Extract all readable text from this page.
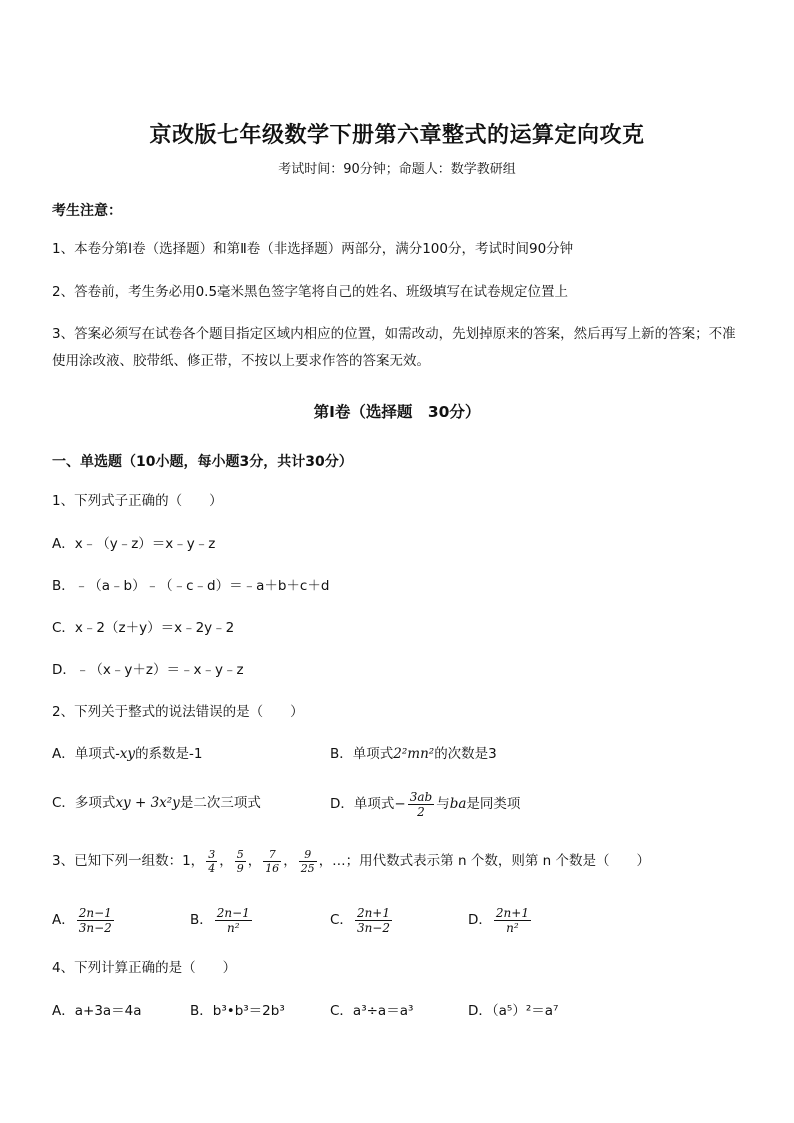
京改版七年级数学下册第六章整式的运算定向攻克
考试时间：90分钟；命题人：数学教研组
考生注意：
1、本卷分第Ⅰ卷（选择题）和第Ⅱ卷（非选择题）两部分，满分100分，考试时间90分钟
2、答卷前，考生务必用0.5毫米黑色签字笔将自己的姓名、班级填写在试卷规定位置上
3、答案必须写在试卷各个题目指定区域内相应的位置，如需改动，先划掉原来的答案，然后再写上新的答案；不准使用涂改液、胶带纸、修正带，不按以上要求作答的答案无效。
第Ⅰ卷（选择题　30分）
一、单选题（10小题，每小题3分，共计30分）
1、下列式子正确的（　　）
A．x﹣（y﹣z）＝x﹣y﹣z
B．﹣（a﹣b）﹣（﹣c﹣d）＝﹣a＋b＋c＋d
C．x﹣2（z＋y）＝x﹣2y﹣2
D．﹣（x﹣y＋z）＝﹣x﹣y﹣z
2、下列关于整式的说法错误的是（　　）
A．单项式-xy的系数是-1	B．单项式2²mn²的次数是3
C．多项式xy + 3x²y是二次三项式	D．单项式− $\frac{3ab}{2}$ 与ba是同类项
3、已知下列一组数：1， $\frac{3}{4}$ ， $\frac{5}{9}$ ， $\frac{7}{16}$ ， $\frac{9}{25}$ ，…；用代数式表示第 n 个数，则第 n 个数是（　　）
A． $\frac{2n-1}{3n-2}$	B． $\frac{2n-1}{\text{n²}}$	C． $\frac{2n+1}{3n-2}$	D． $\frac{2n+1}{\text{n²}}$
4、下列计算正确的是（　　）
A．a+3a＝4a	B．b³•b³＝2b³	C．a³÷a＝a³	D．（a⁵）²＝a⁷
